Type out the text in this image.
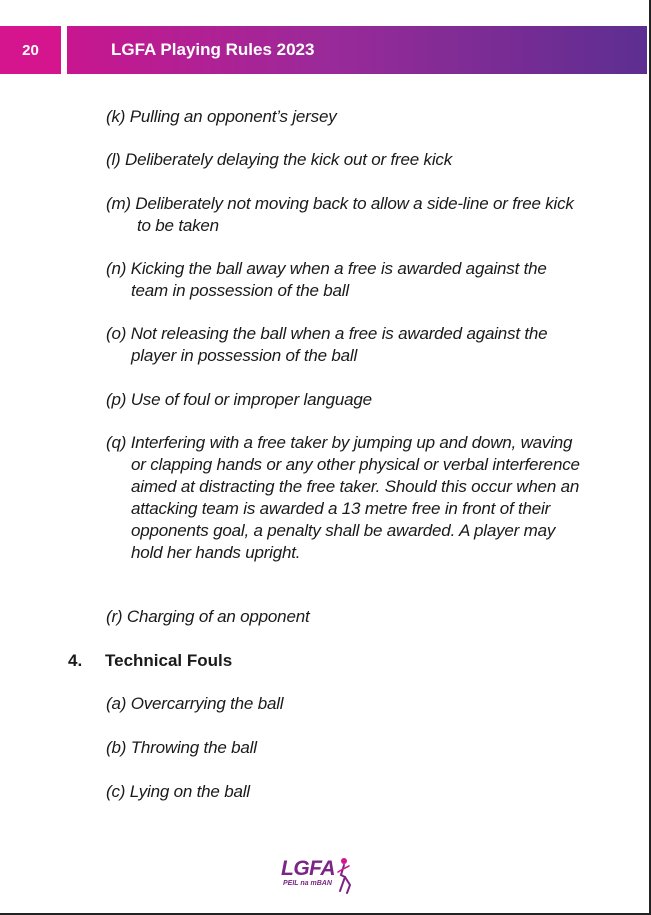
20	LGFA Playing Rules 2023
(k) Pulling an opponent’s jersey
(l) Deliberately delaying the kick out or free kick
(m) Deliberately not moving back to allow a side-line or free kick to be taken
(n) Kicking the ball away when a free is awarded against the team in possession of the ball
(o) Not releasing the ball when a free is awarded against the player in possession of the ball
(p) Use of foul or improper language
(q) Interfering with a free taker by jumping up and down, waving or clapping hands or any other physical or verbal interference aimed at distracting the free taker. Should this occur when an attacking team is awarded a 13 metre free in front of their opponents goal, a penalty shall be awarded. A player may hold her hands upright.
(r) Charging of an opponent
4. Technical Fouls
(a) Overcarrying the ball
(b) Throwing the ball
(c) Lying on the ball
LGFA
PEIL na mBAN
